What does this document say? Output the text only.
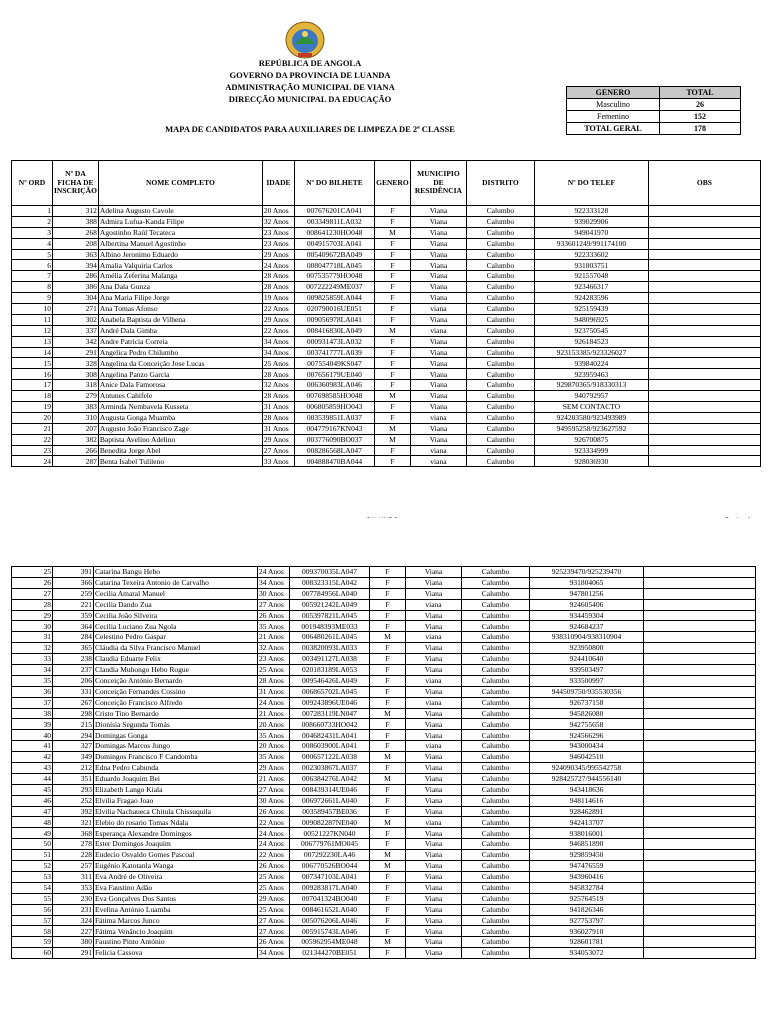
REPÚBLICA DE ANGOLA
GOVERNO DA PROVINCIA DE LUANDA
ADMINISTRAÇÃO MUNICIPAL DE VIANA
DIRECÇÃO MUNICIPAL DA EDUCAÇÃO
MAPA DE CANDIDATOS PARA AUXILIARES DE LIMPEZA DE 2ª CLASSE
GENERO	TOTAL
Masculino	26
Femenino	152
TOTAL GERAL	178
Nº ORD	Nº DA FICHA DE INSCRIÇÃO	NOME COMPLETO	IDADE	Nº DO BILHETE	GENERO	MUNICIPIO DE RESIDÊNCIA	DISTRITO	Nº DO TELEF	OBS
1	312	Adelina Augusto Cavole	20 Anos	007676201CA041	F	Viana	Calumbo	922333128	
2	388	Admira Lufua-Kanda Filipe	32 Anos	003349811LA032	F	Viana	Calumbo	939029906	
3	268	Agostinho Raúl Tecateca	23 Anos	008641230HO048	M	Viana	Calumbo	949041970	
4	208	Albertina Manuel Agostinho	23 Anos	004915703LA041	F	Viana	Calumbo	933601249/991174100	
5	363	Albino Jeronimo Eduardo	29 Anos	005409672BA049	F	Viana	Calumbo	922333602	
6	394	Amalia Valquiria Carlos	24 Anos	008047718LA045	F	Viana	Calumbo	931803751	
7	286	Amélia Zeferina Malanga	28 Anos	007535779HO048	F	Viana	Calumbo	921557048	
8	386	Ana Dala Gunza	28 Anos	007222249ME037	F	Viana	Calumbo	923466317	
9	304	Ana Maria Filipe Jorge	19 Anos	009825859LA044	F	Viana	Calumbo	924283596	
10	271	Ana Tomas Afonso	22 Anos	020790016UE051	F	viana	Calumbo	925159439	
11	302	Anabela Baptista de Vilhena	29 Anos	009056978LA041	F	Viana	Calumbo	948096925	
12	337	André Dala Gimba	22 Anos	008416830LA049	M	viana	Calumbo	923750545	
13	342	Andre Patricia Correia	34 Anos	000931473LA032	F	Viana	Calumbo	926184523	
14	291	Angelica Pedro Chilumbo	34 Anos	003741777LA039	F	Viana	Calumbo	923153385/923326027	
15	328	Angelina da Conceição Jose Lucas	25 Anos	007554049KS047	F	Viana	Calumbo	939840224	
16	308	Angelina Panzo Garcia	28 Anos	007656179UE040	F	Viana	Calumbo	923959463	
17	318	Anice Dala Famorosa	32 Anos	006360983LA046	F	Viana	Calumbo	929870365/918330313	
18	279	Antunes Cahifele	28 Anos	007698585HO048	M	Viana	Calumbo	940792957	
19	383	Arminda Nembavela Kusseta	31 Anos	006805859HO043	F	Viana	Calumbo	SEM CONTACTO	
20	310	Augusta Gonga Muamba	28 Anos	003539851LA037	F	viana	Calumbo	924203580/923493989	
21	207	Augusto João Francisco Zage	31 Anos	004779167KN043	M	Viana	Calumbo	949595258/923627592	
22	382	Baptista Avelino Adelino	29 Anos	003776090BO037	M	Viana	Calumbo	926700875	
23	266	Benedita Jorge Abel	27 Anos	008286568LA047	F	viana	Calumbo	923334999	
24	287	Benta Isabel Tulileno	33 Anos	004888470BA044	F	viana	Calumbo	928036930	
25	391	Catarina Bangu Hebo	24 Anos	009370035LA047	F	Viana	Calumbo	925239470/925239470	
26	366	Catarina Texeira Antonio de Carvalho	34 Anos	008323315LA042	F	Viana	Calumbo	931804065	
27	259	Cecilia Amaral Manuel	30 Anos	007784956LA040	F	Viana	Calumbo	947801256	
28	221	Cecilia Dando Zua	27 Anos	005921242LA049	F	viana	Calumbo	924605406	
29	359	Cecilia João Silveira	26 Anos	005397821LA045	F	Viana	Calumbo	934459304	
30	364	Cecilia Luciano Zua Ngola	35 Anos	001948393ME033	F	Viana	Calumbo	924684237	
31	284	Celestino Pedro Gaspar	21 Anos	006480261LA045	M	viana	Calumbo	938310904/938310904	
32	365	Cláudia da Silva Francisco Manuel	32 Anos	003820093LA033	F	Viana	Calumbo	923950800	
33	238	Claudia Eduarte Felix	23 Anos	003491127LA038	F	Viana	Calumbo	924410640	
34	237	Claudia Muhongo Hebo Rogue	25 Anos	020183189LA053	F	Viana	Calumbo	939503497	
35	206	Conceição António Bernardo	28 Anos	009546426LA049	F	viana	Calumbo	933500997	
36	331	Conceição Fernandes Cossino	31 Anos	006865702LA045	F	Viana	Calumbo	944509750/935530356	
37	267	Conceição Francisco Alfredo	24 Anos	009243896UE046	F	viana	Calumbo	926737158	
38	298	Cristo Tino Bernardo	21 Anos	007283119LN047	M	Viana	Calumbo	945826080	
39	215	Dionísia Segunda Tomás	20 Anos	008660733HO042	F	Viana	Calumbo	942755658	
40	294	Domingas Gonga	35 Anos	004682431LA041	F	Viana	Calumbo	924566296	
41	327	Domingas Marcos Jungo	20 Anos	008603900LA041	F	viana	Calumbo	943000434	
42	349	Domingos Francisco F Candomba	35 Anos	000657122LA038	M	Viana	Calumbo	946042510	
43	212	Edna Pedro Cabunda	29 Anos	002303867LA037	F	Viana	Calumbo	924090345/995542758	
44	351	Eduardo Joaquim Bei	21 Anos	006384276LA042	M	Viana	Calumbo	928425727/944556140	
45	293	Elizabeth Lango Kiala	27 Anos	008439314UE046	F	Viana	Calumbo	943418636	
46	252	Elvilia Fragao Joao	30 Anos	006972661LA040	F	Viana	Calumbo	948114616	
47	392	Elvilia Nachaueca Chitula Chissuquila	26 Anos	003589457BE036	F	Viana	Calumbo	928462891	
48	321	Elebio do rosario Tomas Ndala	22 Anos	009082287NE040	M	viana	Calumbo	942413707	
49	368	Esperança Alexandre Domingos	24 Anos	00521227KN040	F	Viana	Calumbo	938016001	
50	278	Ester Domingos Joaquim	24 Anos	006779761MO045	F	Viana	Calumbo	946851890	
51	228	Eudecio Osvaldo Gomes Pascoal	22 Anos	007292230LA46	M	Viana	Calumbo	929859450	
52	257	Eugénio Katotanla Wanga	26 Anos	006770526BO044	M	Viana	Calumbo	947476559	
53	311	Eva André de Oliveira	25 Anos	007347103LA041	F	Viana	Calumbo	943960416	
54	353	Eva Faustino Adão	25 Anos	009283817LA040	F	Viana	Calumbo	945832784	
55	230	Eva Gonçalves Dos Santos	29 Anos	007041324BO040	F	Viana	Calumbo	925764519	
56	231	Evelina António Luamba	25 Anos	008461652LA040	F	Viana	Calumbo	941826346	
57	324	Fátima Marcos Junco	27 Anos	005076206LA046	F	Viana	Calumbo	927753797	
58	227	Fátima Venâncio Joaquim	27 Anos	005915743LA046	F	Viana	Calumbo	936027910	
59	380	Faustino Pinto António	26 Anos	005962954ME048	M	Viana	Calumbo	928601781	
60	291	Felicia Cassova	34 Anos	021344270BE051	F	Viana	Calumbo	934053072	
